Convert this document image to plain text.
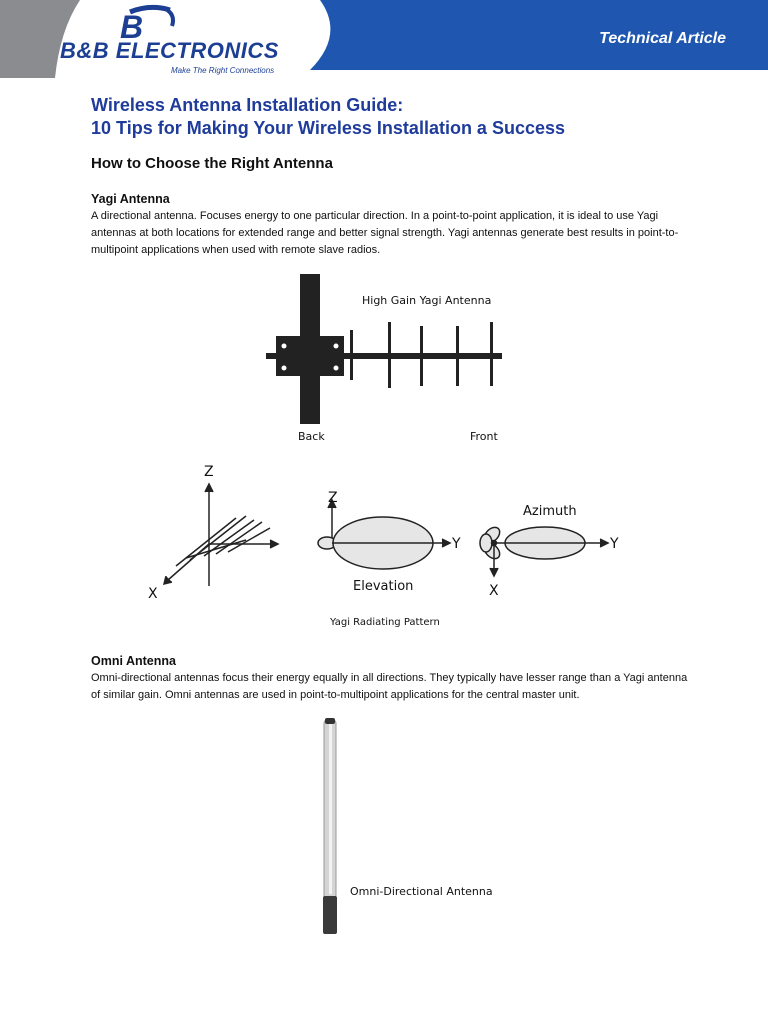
B
B&B ELECTRONICS
Make The Right Connections
Technical Article
Wireless Antenna Installation Guide:
10 Tips for Making Your Wireless Installation a Success
How to Choose the Right Antenna
Yagi Antenna

A directional antenna. Focuses energy to one particular direction. In a point-to-point application, it is ideal to use Yagi antennas at both locations for extended range and better signal strength. Yagi antennas generate best results in point-to-multipoint applications when used with remote slave radios.

High Gain Yagi Antenna
Back	Front
Z
X
Z
Y
Elevation
Azimuth
Y
X
Yagi Radiating Pattern
Omni-Directional Antenna
Omni Antenna

Omni-directional antennas focus their energy equally in all directions. They typically have lesser range than a Yagi antenna of similar gain. Omni antennas are used in point-to-multipoint applications for the central master unit.
